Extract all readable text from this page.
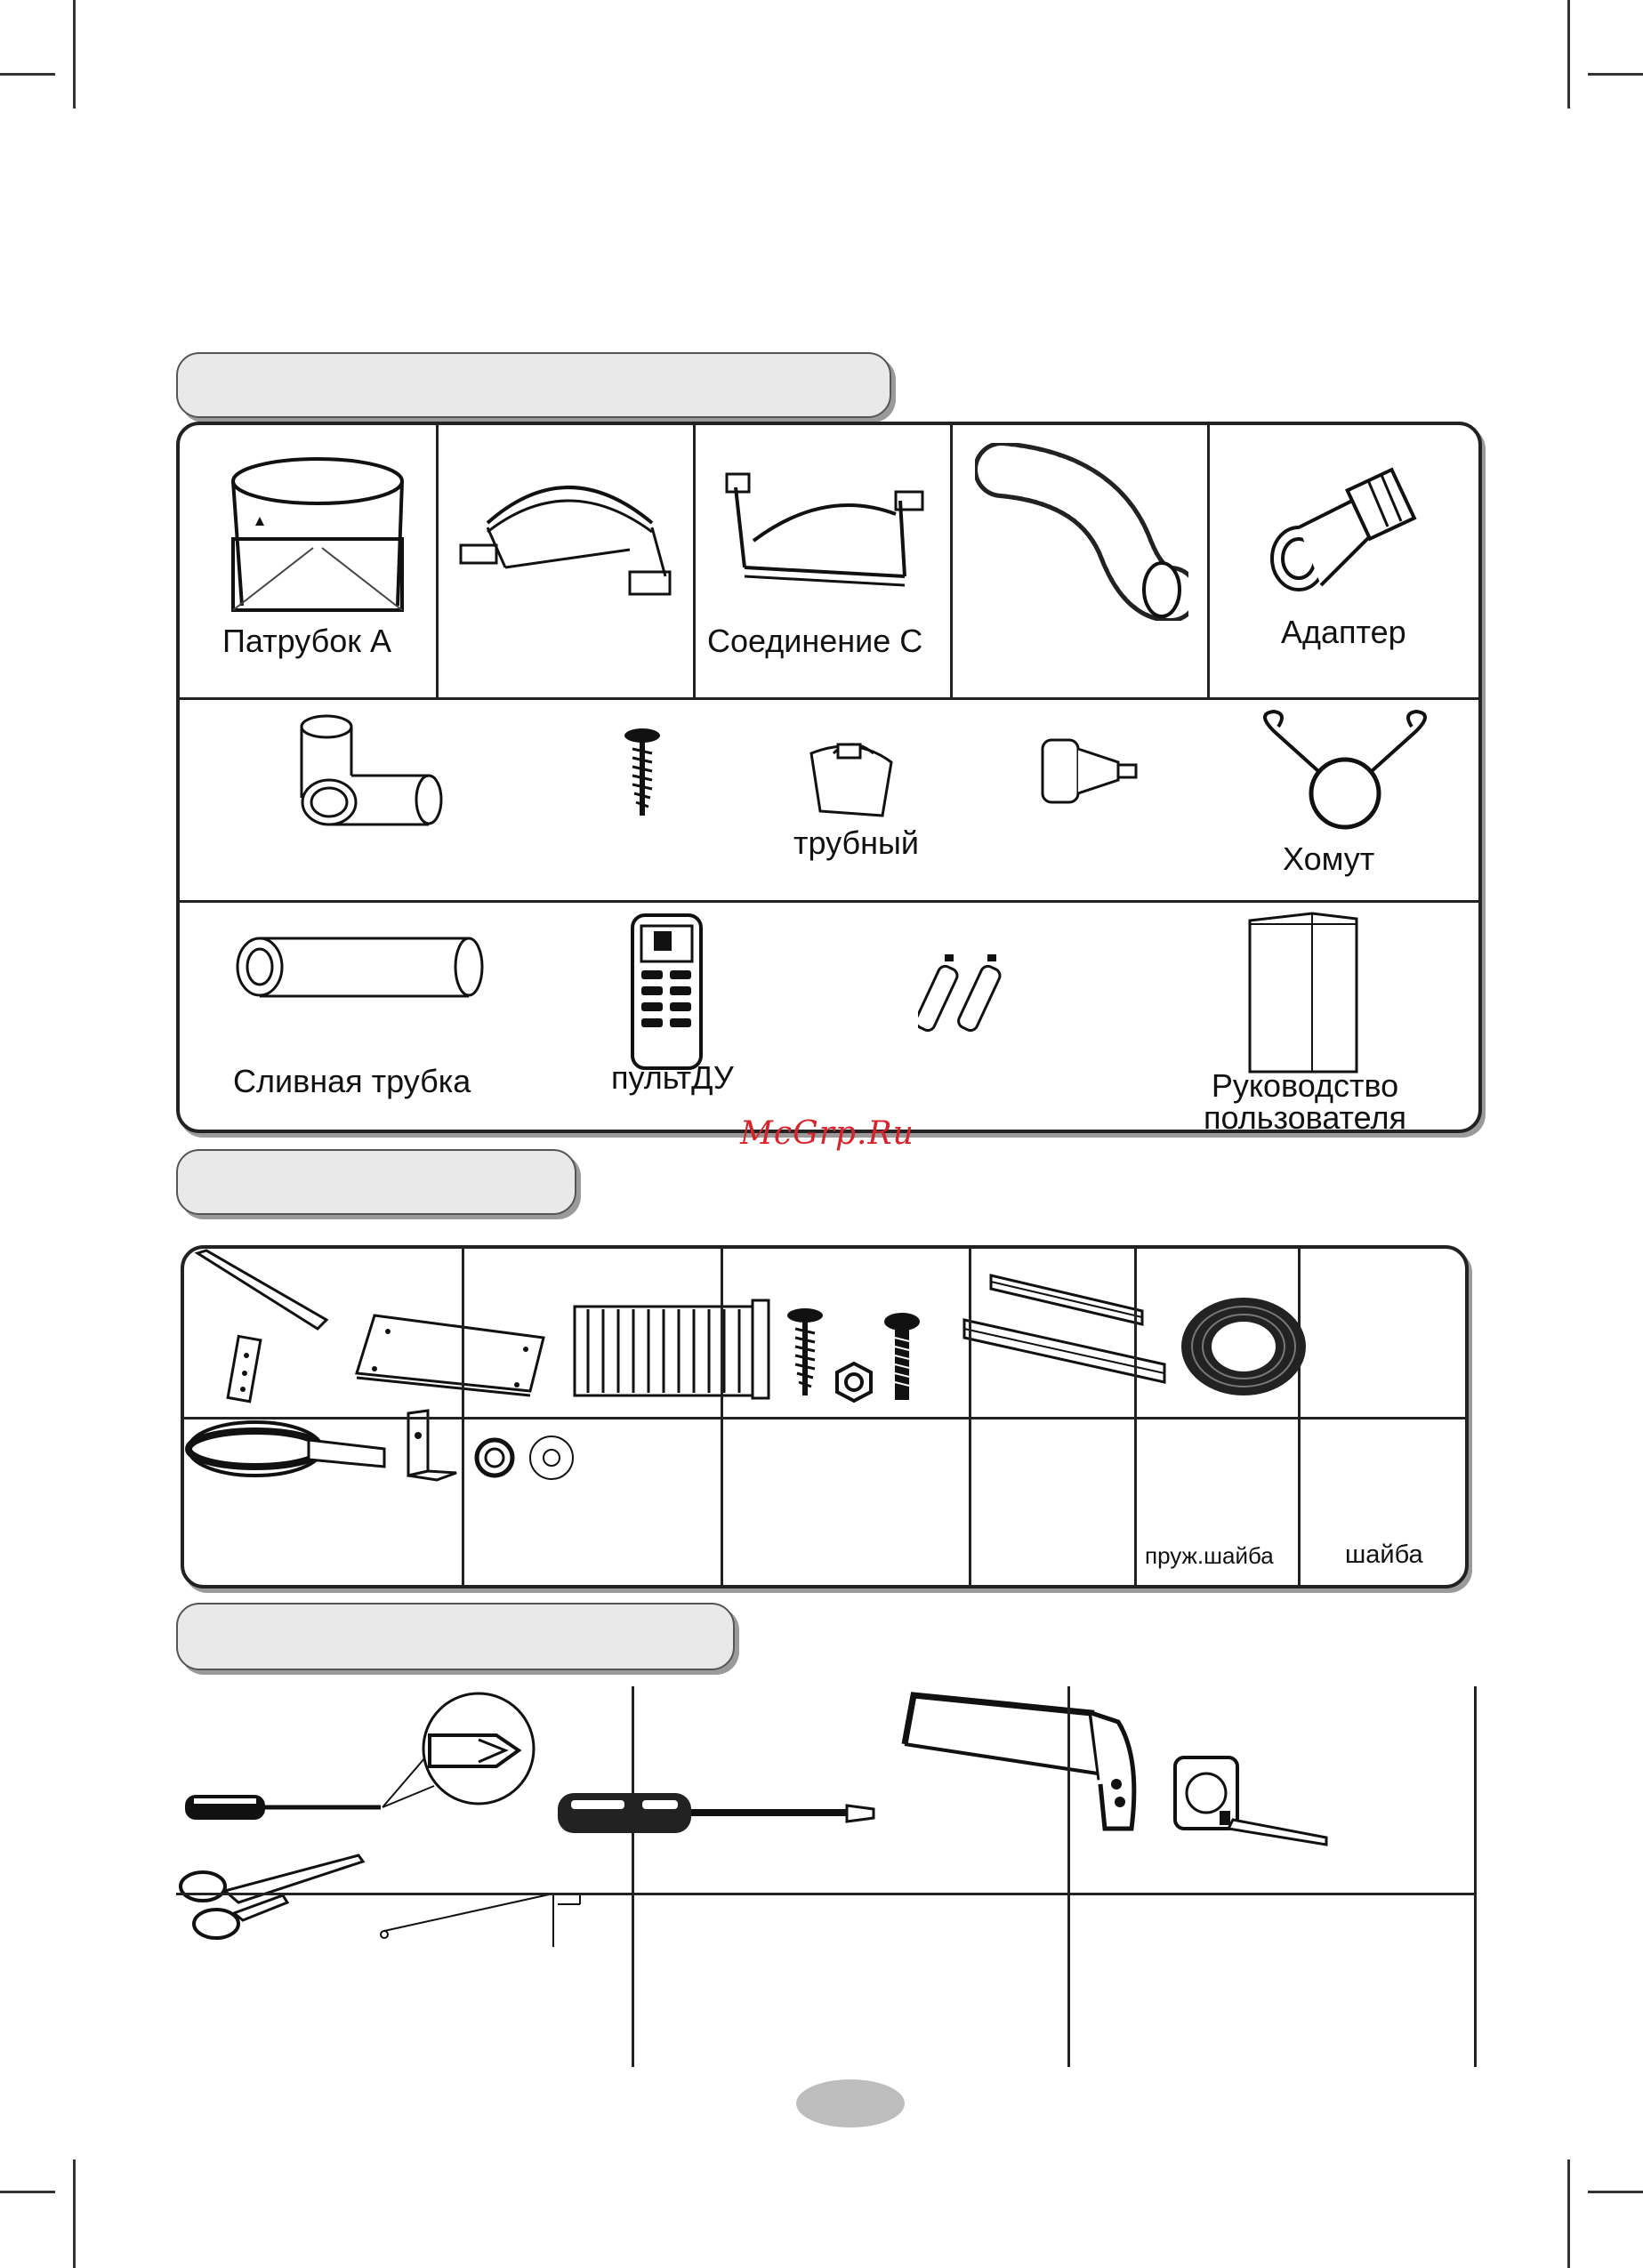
Патрубок А	Соединение С	Адаптер
трубный	Хомут
Сливная трубка	пультДУ	Руководство
пользователя
McGrp.Ru

пруж.шайба	шайба
